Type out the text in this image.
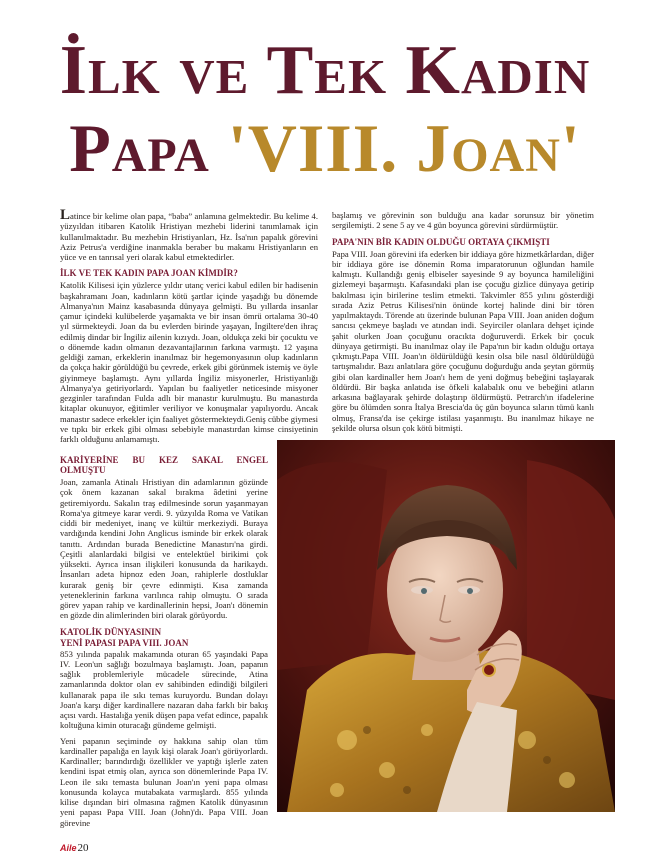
İlk ve Tek Kadın
Papa 'VIII. Joan'

Latince bir kelime olan papa, “baba” anlamına gelmektedir. Bu kelime 4. yüzyıldan itibaren Katolik Hristiyan mezhebi liderini tanımlamak için kullanılmaktadır. Bu mezhebin Hristiyanları, Hz. İsa'nın papalık görevini Aziz Petrus'a verdiğine inanmakla beraber bu makamı Hristiyanların en yüce ve en tanrısal yeri olarak kabul etmektedirler.

İLK VE TEK KADIN PAPA JOAN KİMDİR?

Katolik Kilisesi için yüzlerce yıldır utanç verici kabul edilen bir hadisenin başkahramanı Joan, kadınların kötü şartlar içinde yaşadığı bu dönemde Almanya'nın Mainz kasabasında dünyaya gelmişti. Bu yıllarda insanlar çamur içindeki kulübelerde yaşamakta ve bir insan ömrü ortalama 30-40 yıl sürmekteydi. Joan da bu evlerden birinde yaşayan, İngiltere'den ihraç edilmiş dindar bir İngiliz ailenin kızıydı. Joan, oldukça zeki bir çocuktu ve o dönemde kadın olmanın dezavantajlarının farkına varmıştı. 12 yaşına geldiği zaman, erkeklerin inanılmaz bir hegemonyasının olup kadınların da çokça hakir görüldüğü bu çevrede, erkek gibi görünmek istemiş ve öyle giyinmeye başlamıştı. Aynı yıllarda İngiliz misyonerler, Hristiyanlığı Almanya'ya getiriyorlardı. Yapılan bu faaliyetler neticesinde misyoner gezginler tarafından Fulda adlı bir manastır kurulmuştu. Bu manastırda kitaplar okunuyor, eğitimler veriliyor ve konuşmalar yapılıyordu. Ancak manastır sadece erkekler için faaliyet göstermekteydi.Geniş cübbe giymesi ve tıpkı bir erkek gibi olması sebebiyle manastırdan kimse cinsiyetinin farklı olduğunu anlamamıştı.

başlamış ve görevinin son bulduğu ana kadar sorunsuz bir yönetim sergilemişti. 2 sene 5 ay ve 4 gün boyunca görevini sürdürmüştür.

PAPA'NIN BİR KADIN OLDUĞU ORTAYA ÇIKMIŞTI

Papa VIII. Joan görevini ifa ederken bir iddiaya göre hizmetkârlardan, diğer bir iddiaya göre ise dönemin Roma imparatorunun oğlundan hamile kalmıştı. Kullandığı geniş elbiseler sayesinde 9 ay boyunca hamileliğini gizlemeyi başarmıştı. Kafasındaki plan ise çocuğu gizlice dünyaya getirip bakılması için birilerine teslim etmekti. Takvimler 855 yılını gösterdiği sırada Aziz Petrus Kilisesi'nin önünde kortej halinde dini bir tören yapılmaktaydı. Törende atı üzerinde bulunan Papa VIII. Joan aniden doğum sancısı çekmeye başladı ve atından indi. Seyirciler olanlara dehşet içinde şahit olurken Joan çocuğunu oracıkta doğuruverdi. Erkek bir çocuk dünyaya getirmişti. Bu inanılmaz olay ile Papa'nın bir kadın olduğu ortaya çıkmıştı.Papa VIII. Joan'ın öldürüldüğü kesin olsa bile nasıl öldürüldüğü tartışmalıdır. Bazı anlatılara göre çocuğunu doğurduğu anda şeytan görmüş gibi olan kardinaller hem Joan'ı hem de yeni doğmuş bebeğini taşlayarak öldürdü. Bir başka anlatıda ise öfkeli kalabalık onu ve bebeğini atların arkasına bağlayarak şehirde dolaştırıp öldürmüştü. Petrarch'ın ifadelerine göre bu ölümden sonra İtalya Brescia'da üç gün boyunca sıların tümü kanlı olmuş, Fransa'da ise çekirge istilası yaşanmıştı. Bu inanılmaz hikaye ne şekilde olursa olsun çok kötü bitmişti.

KARİYERİNE BU KEZ SAKAL ENGEL OLMUŞTU

Joan, zamanla Atinalı Hristiyan din adamlarının gözünde çok önem kazanan sakal bırakma âdetini yerine getiremiyordu. Sakalın traş edilmesinde sorun yaşanmayan Roma'ya gitmeye karar verdi. 9. yüzyılda Roma ve Vatikan ciddi bir medeniyet, inanç ve kültür merkeziydi. Buraya vardığında kendini John Anglicus isminde bir erkek olarak tanıttı. Ardından burada Benedictine Manastırı'na girdi. Çeşitli alanlardaki bilgisi ve entelektüel birikimi çok yüksekti. Ayrıca insan ilişkileri konusunda da harikaydı. İnsanları adeta hipnoz eden Joan, rahiplerle dostluklar kurarak geniş bir çevre edinmişti. Kısa zamanda yeteneklerinin farkına varılınca rahip olmuştu. O sırada görev yapan rahip ve kardinallerinin hepsi, Joan'ı dönemin en gözde din alimlerinden biri olarak görüyordu.

KATOLİK DÜNYASININ
YENİ PAPASI PAPA VIII. JOAN

853 yılında papalık makamında oturan 65 yaşındaki Papa IV. Leon'un sağlığı bozulmaya başlamıştı. Joan, papanın sağlık problemleriyle mücadele sürecinde, Atina zamanlarında doktor olan ev sahibinden edindiği bilgileri kullanarak papa ile sıkı temas kuruyordu. Bundan dolayı Joan'a karşı diğer kardinallere nazaran daha farklı bir bakış açısı vardı. Hastalığa yenik düşen papa vefat edince, papalık koltuğuna kimin oturacağı gündeme gelmişti.

Yeni papanın seçiminde oy hakkına sahip olan tüm kardinaller papalığa en layık kişi olarak Joan'ı görüyorlardı. Kardinaller; barındırdığı özellikler ve yaptığı işlerle zaten kendini ispat etmiş olan, ayrıca son dönemlerinde Papa IV. Leon ile sıkı temasta bulunan Joan'ın yeni papa olması konusunda kolayca mutabakata varmışlardı. 855 yılında kilise dışından biri olmasına rağmen Katolik dünyasının yeni papası Papa VIII. Joan (John)'dı. Papa VIII. Joan görevine

Aile20
